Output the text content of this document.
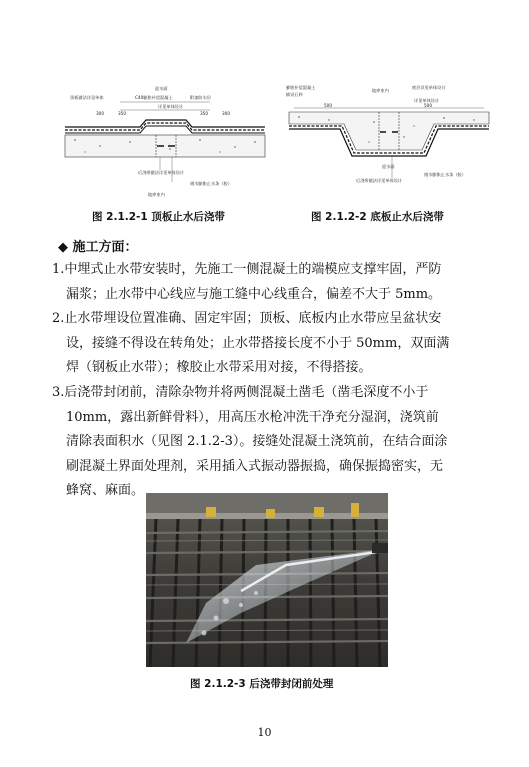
迎水面
顶板做法详见单体	C40膨胀补偿混凝土	附加防水层
详见单体设计
300	350	350	300
后浇带做法详见单体设计
遇水膨胀止水条（胶）
地库室内
膨胀补偿混凝土
铺设石料
地库室内
底层详见单体设计
详见单体设计
500	500
迎水面
后浇带做法详见单体设计
遇水膨胀止水条（胶）
图 2.1.2-1 顶板止水后浇带	图 2.1.2-2 底板止水后浇带
◆ 施工方面：
1.中埋式止水带安装时，先施工一侧混凝土的端模应支撑牢固，严防
漏浆；止水带中心线应与施工缝中心线重合，偏差不大于 5mm。
2.止水带埋设位置准确、固定牢固；顶板、底板内止水带应呈盆状安
设，接缝不得设在转角处；止水带搭接长度不小于 50mm，双面满
焊（钢板止水带）；橡胶止水带采用对接，不得搭接。
3.后浇带封闭前，清除杂物并将两侧混凝土凿毛（凿毛深度不小于
10mm，露出新鲜骨料），用高压水枪冲洗干净充分湿润，浇筑前
清除表面积水（见图 2.1.2-3）。接缝处混凝土浇筑前，在结合面涂
刷混凝土界面处理剂，采用插入式振动器振捣，确保振捣密实，无
蜂窝、麻面。
图 2.1.2-3 后浇带封闭前处理
10
